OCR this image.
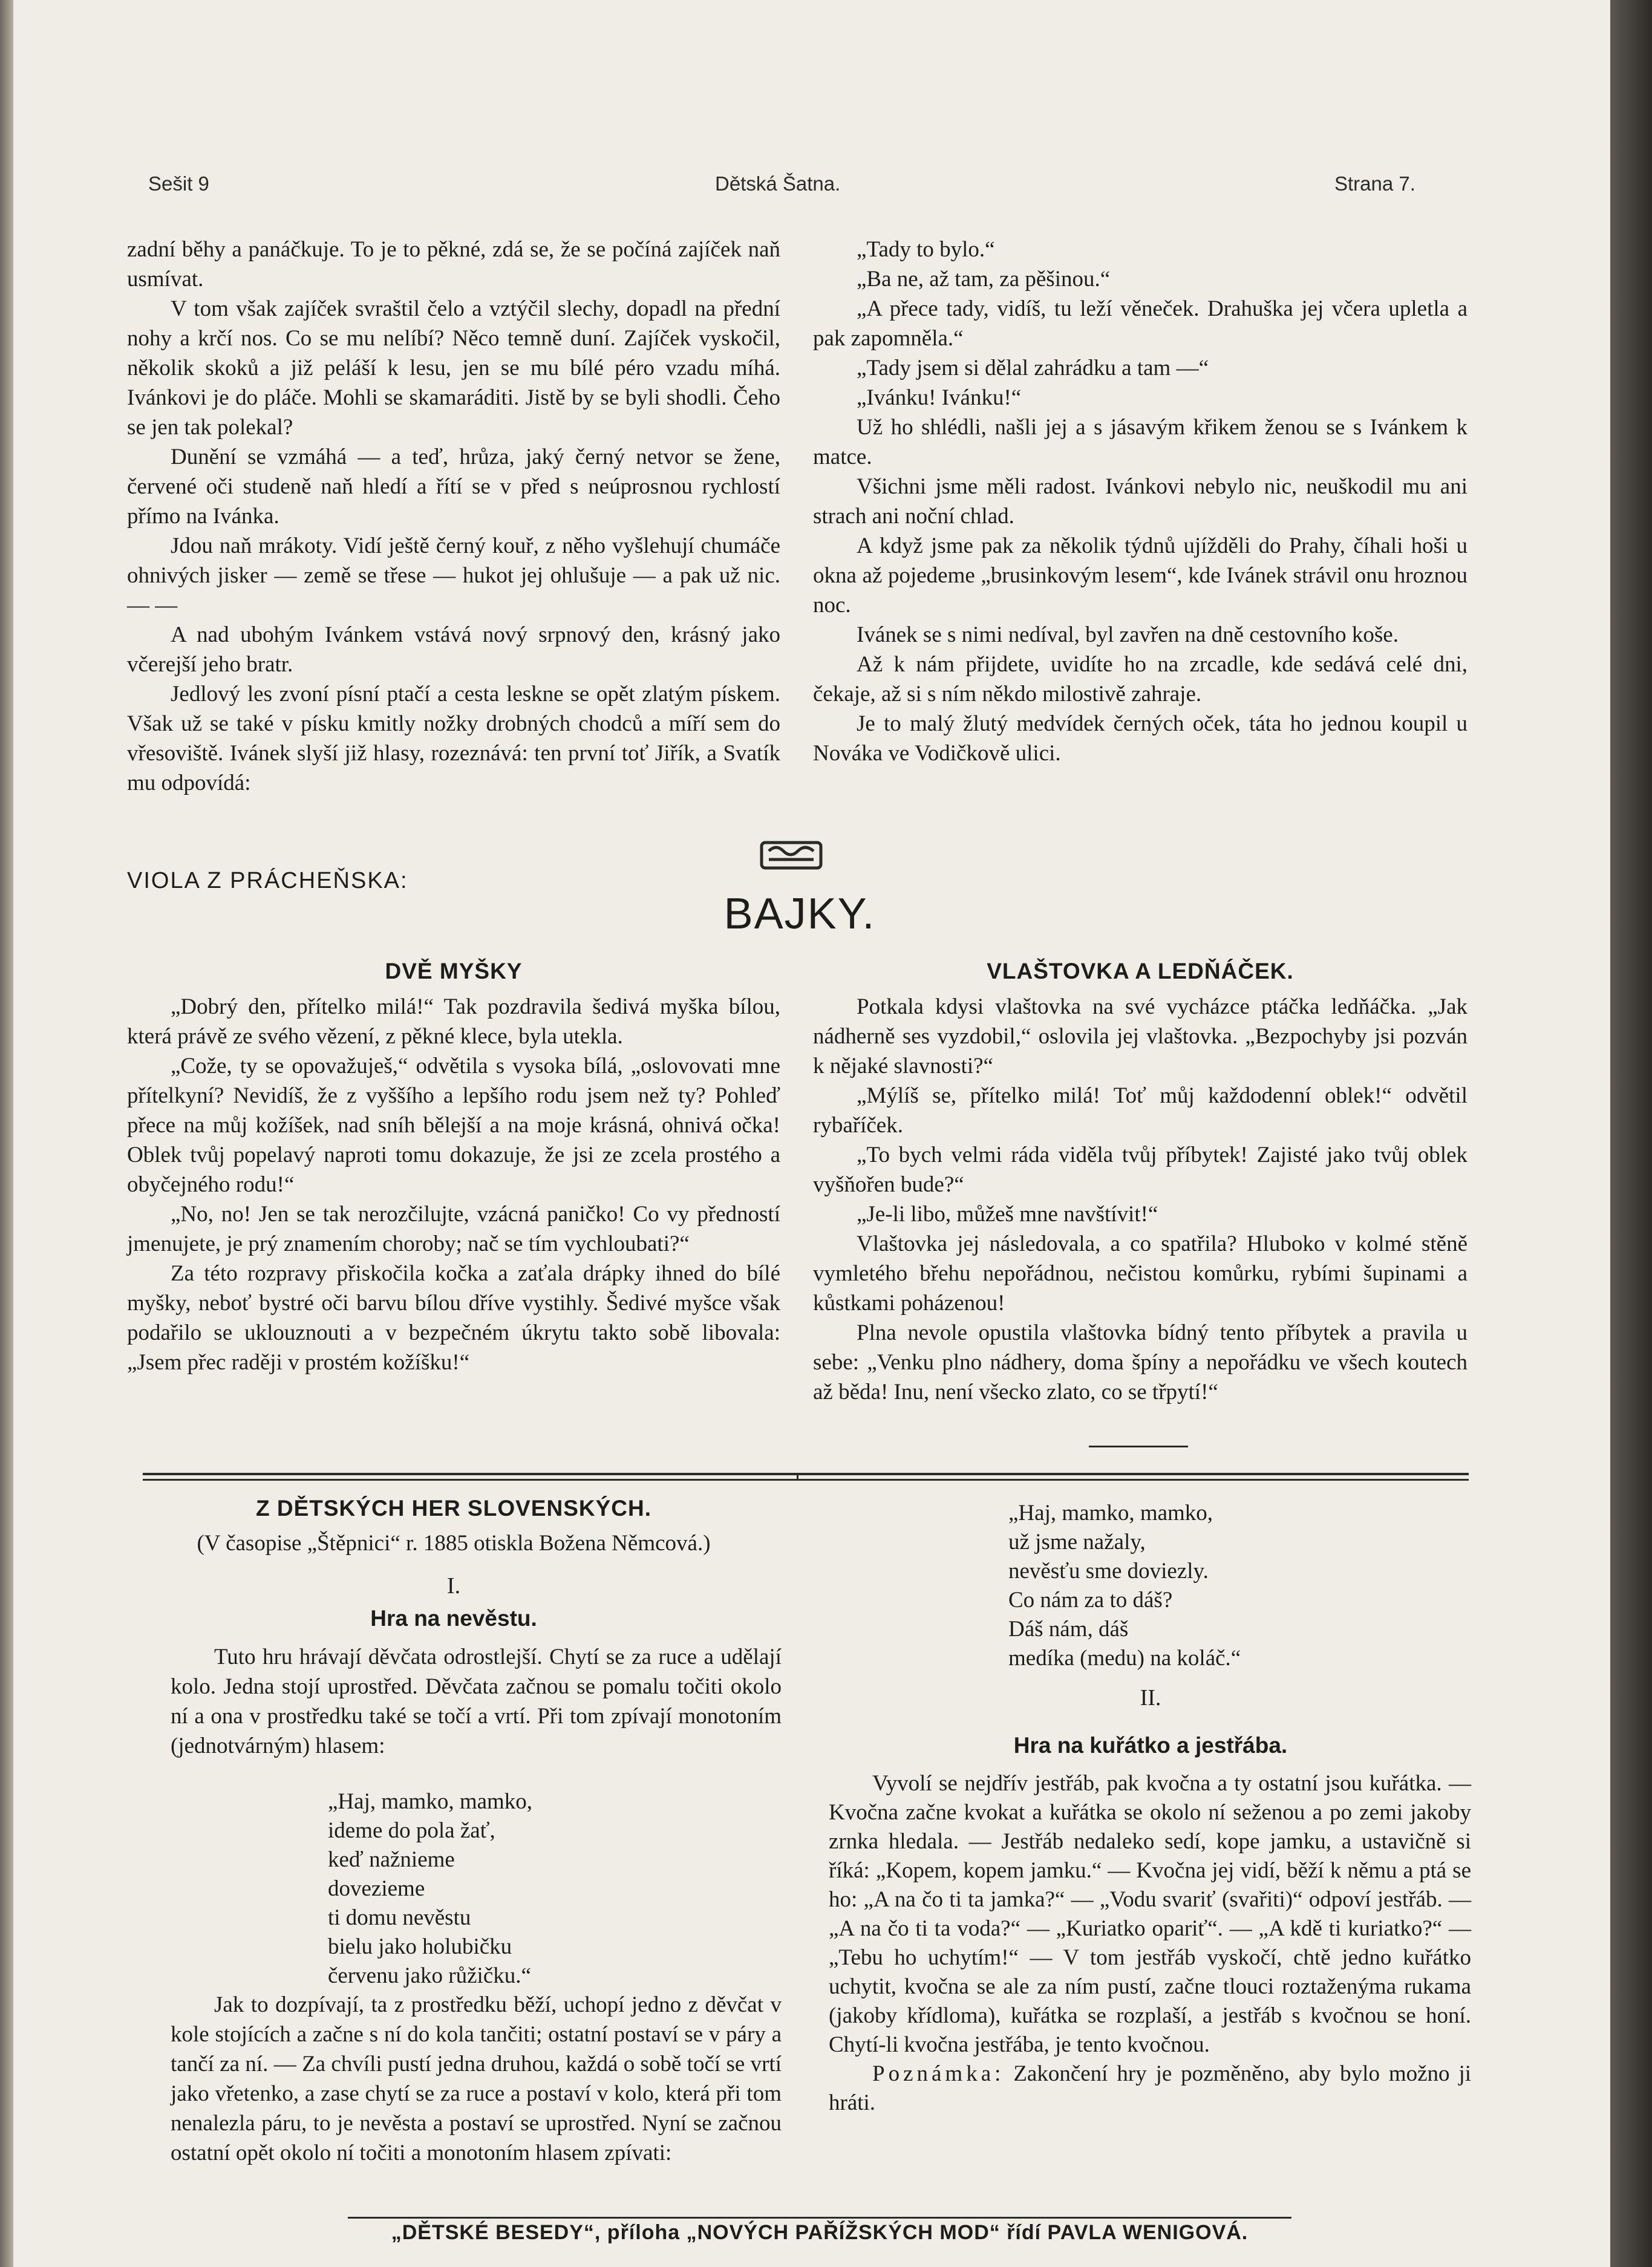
Sešit 9	Dětská Šatna.	Strana 7.

zadní běhy a panáčkuje. To je to pěkné, zdá se, že se počíná zajíček naň usmívat.

V tom však zajíček svraštil čelo a vztýčil slechy, dopadl na přední nohy a krčí nos. Co se mu nelíbí? Něco temně duní. Zajíček vyskočil, několik skoků a již peláší k lesu, jen se mu bílé péro vzadu míhá. Ivánkovi je do pláče. Mohli se skamaráditi. Jistě by se byli shodli. Čeho se jen tak polekal?

Dunění se vzmáhá — a teď, hrůza, jaký černý netvor se žene, červené oči studeně naň hledí a řítí se v před s neúprosnou rychlostí přímo na Ivánka.

Jdou naň mrákoty. Vidí ještě černý kouř, z něho vyšlehují chumáče ohnivých jisker — země se třese — hukot jej ohlušuje — a pak už nic. — —

A nad ubohým Ivánkem vstává nový srpnový den, krásný jako včerejší jeho bratr.

Jedlový les zvoní písní ptačí a cesta leskne se opět zlatým pískem. Však už se také v písku kmitly nožky drobných chodců a míří sem do vřesoviště. Ivánek slyší již hlasy, rozeznává: ten první toť Jiřík, a Svatík mu odpovídá:

„Tady to bylo.“

„Ba ne, až tam, za pěšinou.“

„A přece tady, vidíš, tu leží věneček. Drahuška jej včera upletla a pak zapomněla.“

„Tady jsem si dělal zahrádku a tam —“

„Ivánku! Ivánku!“

Už ho shlédli, našli jej a s jásavým křikem ženou se s Ivánkem k matce.

Všichni jsme měli radost. Ivánkovi nebylo nic, neuškodil mu ani strach ani noční chlad.

A když jsme pak za několik týdnů ujížděli do Prahy, číhali hoši u okna až pojedeme „brusinkovým lesem“, kde Ivánek strávil onu hroznou noc.

Ivánek se s nimi nedíval, byl zavřen na dně cestovního koše.

Až k nám přijdete, uvidíte ho na zrcadle, kde sedává celé dni, čekaje, až si s ním někdo milostivě zahraje.

Je to malý žlutý medvídek černých oček, táta ho jednou koupil u Nováka ve Vodičkově ulici.

VIOLA Z PRÁCHEŇSKA:
BAJKY.
DVĚ MYŠKY

„Dobrý den, přítelko milá!“ Tak pozdravila šedivá myška bílou, která právě ze svého vězení, z pěkné klece, byla utekla.

„Cože, ty se opovažuješ,“ odvětila s vysoka bílá, „oslovovati mne přítelkyní? Nevidíš, že z vyššího a lepšího rodu jsem než ty? Pohleď přece na můj kožíšek, nad sníh bělejší a na moje krásná, ohnivá očka! Oblek tvůj popelavý naproti tomu dokazuje, že jsi ze zcela prostého a obyčejného rodu!“

„No, no! Jen se tak nerozčilujte, vzácná paničko! Co vy předností jmenujete, je prý znamením choroby; nač se tím vychloubati?“

Za této rozpravy přiskočila kočka a zaťala drápky ihned do bílé myšky, neboť bystré oči barvu bílou dříve vystihly. Šedivé myšce však podařilo se uklouznouti a v bezpečném úkrytu takto sobě libovala: „Jsem přec raději v prostém kožíšku!“

VLAŠTOVKA A LEDŇÁČEK.

Potkala kdysi vlaštovka na své vycházce ptáčka ledňáčka. „Jak nádherně ses vyzdobil,“ oslovila jej vlaštovka. „Bezpochyby jsi pozván k nějaké slavnosti?“

„Mýlíš se, přítelko milá! Toť můj každodenní oblek!“ odvětil rybaříček.

„To bych velmi ráda viděla tvůj příbytek! Zajisté jako tvůj oblek vyšňořen bude?“

„Je-li libo, můžeš mne navštívit!“

Vlaštovka jej následovala, a co spatřila? Hluboko v kolmé stěně vymletého břehu nepořádnou, nečistou komůrku, rybími šupinami a kůstkami poházenou!

Plna nevole opustila vlaštovka bídný tento příbytek a pravila u sebe: „Venku plno nádhery, doma špíny a nepořádku ve všech koutech až běda! Inu, není všecko zlato, co se třpytí!“

Z DĚTSKÝCH HER SLOVENSKÝCH.
(V časopise „Štěpnici“ r. 1885 otiskla Božena Němcová.)
I.
Hra na nevěstu.

Tuto hru hrávají děvčata odrostlejší. Chytí se za ruce a udělají kolo. Jedna stojí uprostřed. Děvčata začnou se pomalu točiti okolo ní a ona v prostředku také se točí a vrtí. Při tom zpívají monotoním (jednotvárným) hlasem:

„Haj, mamko, mamko,
ideme do pola žať,
keď nažnieme
dovezieme
ti domu nevěstu
bielu jako holubičku
červenu jako růžičku.“

Jak to dozpívají, ta z prostředku běží, uchopí jedno z děvčat v kole stojících a začne s ní do kola tančiti; ostatní postaví se v páry a tančí za ní. — Za chvíli pustí jedna druhou, každá o sobě točí se vrtí jako vřetenko, a zase chytí se za ruce a postaví v kolo, která při tom nenalezla páru, to je nevěsta a postaví se uprostřed. Nyní se začnou ostatní opět okolo ní točiti a monotoním hlasem zpívati:

„Haj, mamko, mamko,
už jsme nažaly,
nevěsťu sme doviezly.
Co nám za to dáš?
Dáš nám, dáš
medíka (medu) na koláč.“
II.
Hra na kuřátko a jestřába.

Vyvolí se nejdřív jestřáb, pak kvočna a ty ostatní jsou kuřátka. — Kvočna začne kvokat a kuřátka se okolo ní seženou a po zemi jakoby zrnka hledala. — Jestřáb nedaleko sedí, kope jamku, a ustavičně si říká: „Kopem, kopem jamku.“ — Kvočna jej vidí, běží k němu a ptá se ho: „A na čo ti ta jamka?“ — „Vodu svariť (svařiti)“ odpoví jestřáb. — „A na čo ti ta voda?“ — „Kuriatko opariť“. — „A kdě ti kuriatko?“ — „Tebu ho uchytím!“ — V tom jestřáb vyskočí, chtě jedno kuřátko uchytit, kvočna se ale za ním pustí, začne tlouci roztaženýma rukama (jakoby křídloma), kuřátka se rozplaší, a jestřáb s kvočnou se honí. Chytí-li kvočna jestřába, je tento kvočnou.

Poznámka: Zakončení hry je pozměněno, aby bylo možno ji hráti.

„DĚTSKÉ BESEDY“, příloha „NOVÝCH PAŘÍŽSKÝCH MOD“ řídí PAVLA WENIGOVÁ.
